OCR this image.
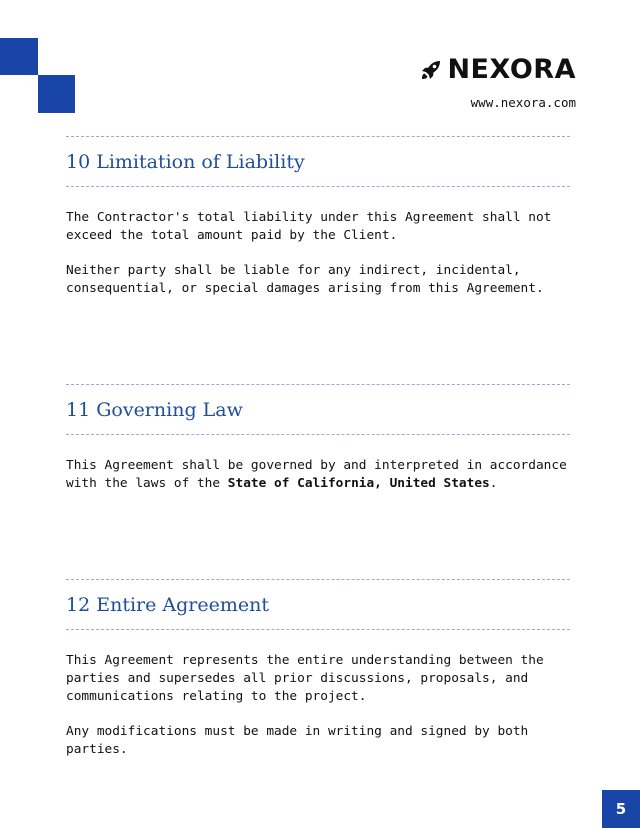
NEXORA
www.nexora.com
10 Limitation of Liability

The Contractor's total liability under this Agreement shall not
exceed the total amount paid by the Client.

Neither party shall be liable for any indirect, incidental,
consequential, or special damages arising from this Agreement.

11 Governing Law

This Agreement shall be governed by and interpreted in accordance
with the laws of the State of California, United States.

12 Entire Agreement

This Agreement represents the entire understanding between the
parties and supersedes all prior discussions, proposals, and
communications relating to the project.

Any modifications must be made in writing and signed by both
parties.

5
